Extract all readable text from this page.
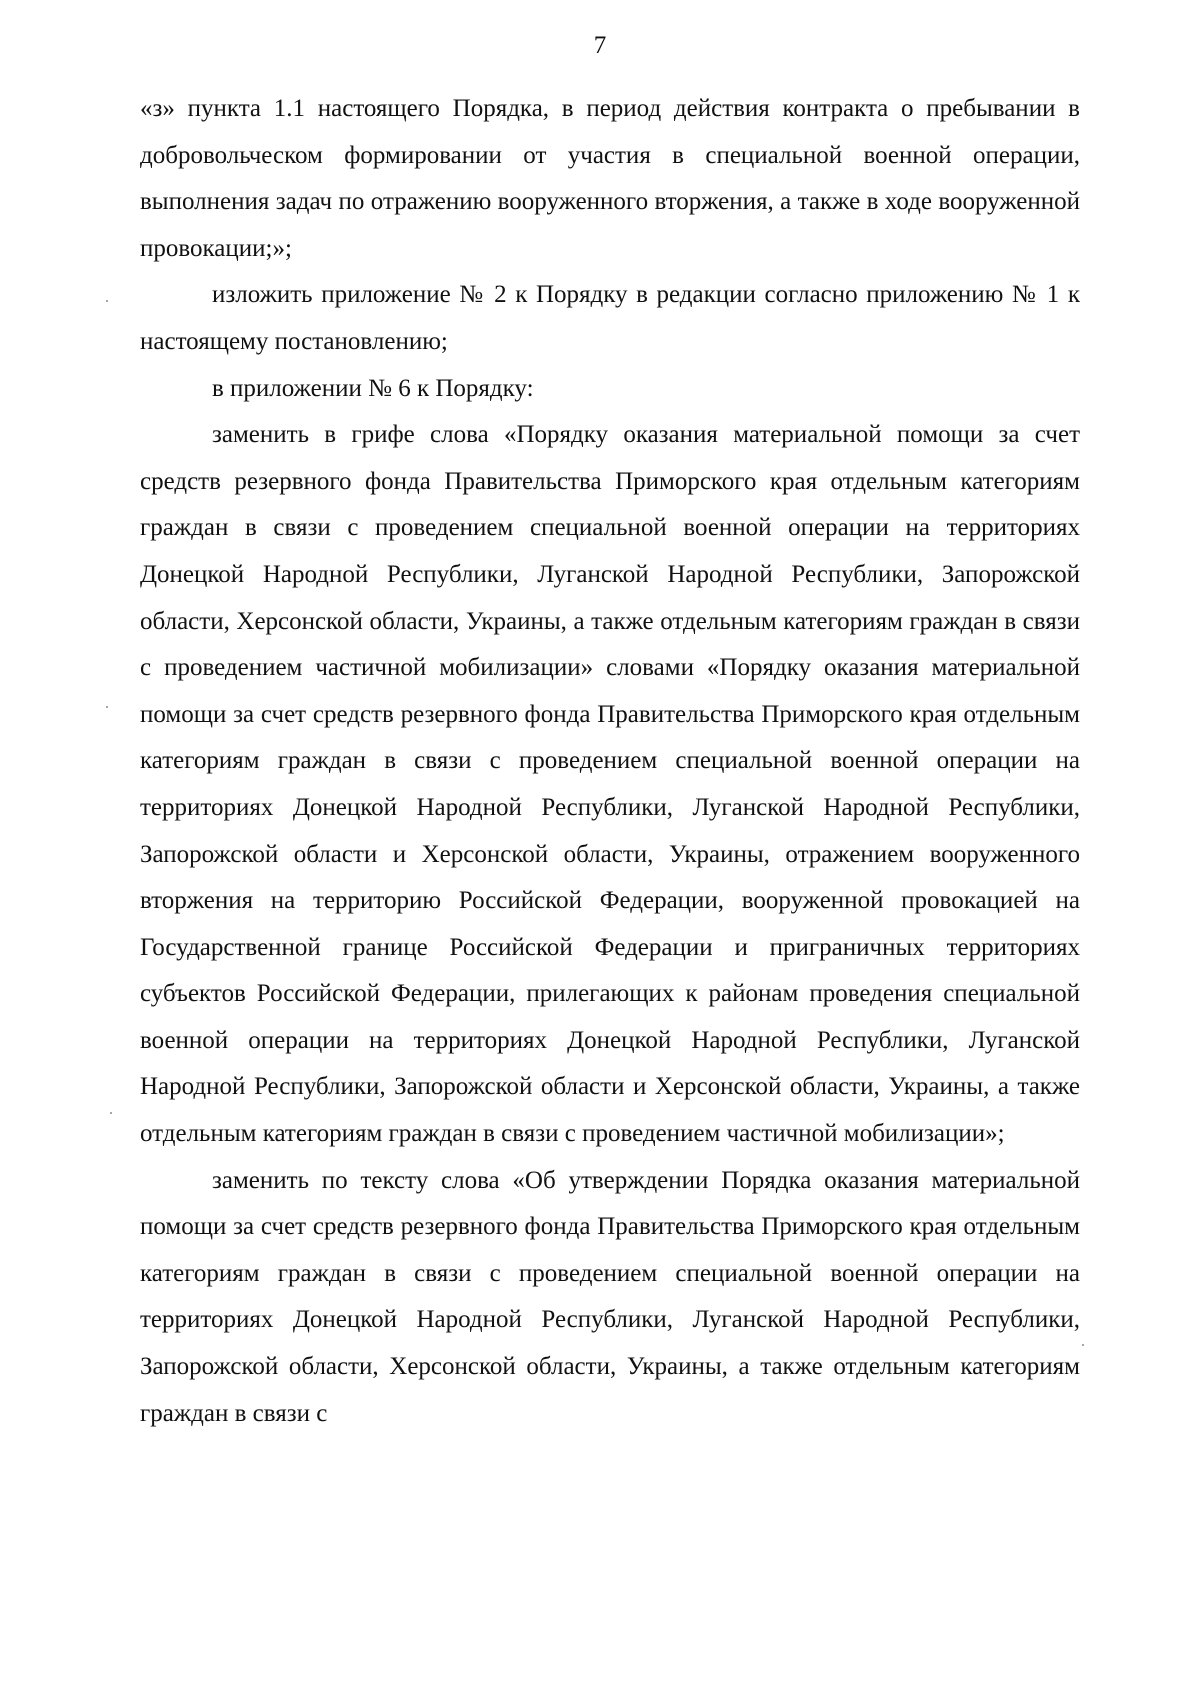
7

«з» пункта 1.1 настоящего Порядка, в период действия контракта о пребывании в добровольческом формировании от участия в специальной военной операции, выполнения задач по отражению вооруженного вторжения, а также в ходе вооруженной провокации;»;

изложить приложение № 2 к Порядку в редакции согласно приложению № 1 к настоящему постановлению;

в приложении № 6 к Порядку:

заменить в грифе слова «Порядку оказания материальной помощи за счет средств резервного фонда Правительства Приморского края отдельным категориям граждан в связи с проведением специальной военной операции на территориях Донецкой Народной Республики, Луганской Народной Республики, Запорожской области, Херсонской области, Украины, а также отдельным категориям граждан в связи с проведением частичной мобилизации» словами «Порядку оказания материальной помощи за счет средств резервного фонда Правительства Приморского края отдельным категориям граждан в связи с проведением специальной военной операции на территориях Донецкой Народной Республики, Луганской Народной Республики, Запорожской области и Херсонской области, Украины, отражением вооруженного вторжения на территорию Российской Федерации, вооруженной провокацией на Государственной границе Российской Федерации и приграничных территориях субъектов Российской Федерации, прилегающих к районам проведения специальной военной операции на территориях Донецкой Народной Республики, Луганской Народной Республики, Запорожской области и Херсонской области, Украины, а также отдельным категориям граждан в связи с проведением частичной мобилизации»;

заменить по тексту слова «Об утверждении Порядка оказания материальной помощи за счет средств резервного фонда Правительства Приморского края отдельным категориям граждан в связи с проведением специальной военной операции на территориях Донецкой Народной Республики, Луганской Народной Республики, Запорожской области, Херсонской области, Украины, а также отдельным категориям граждан в связи с
